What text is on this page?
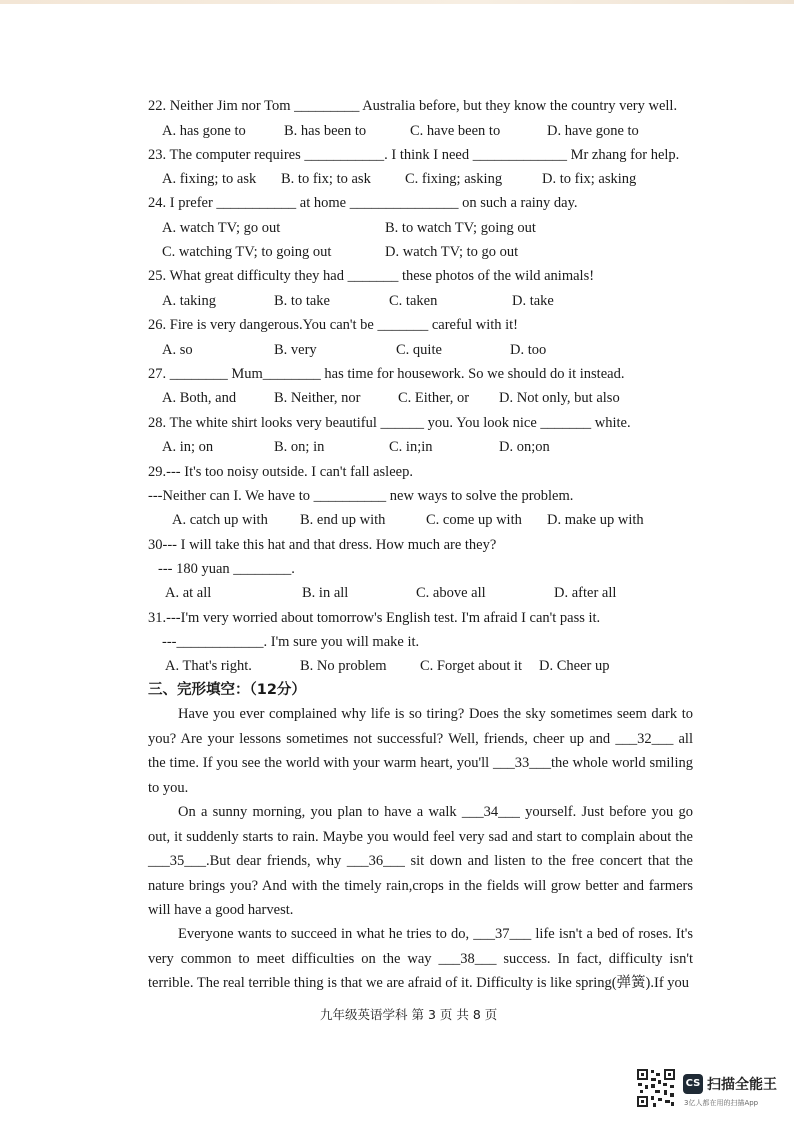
22. Neither Jim nor Tom _________ Australia before, but they know the country very well.
A. has gone to	B. has been to	C. have been to	D. have gone to
23. The computer requires ___________. I think I need _____________ Mr zhang for help.
A. fixing; to ask B. to fix; to ask C. fixing; asking	D. to fix; asking
24. I prefer ___________ at home _______________ on such a rainy day.
A. watch TV; go out	B. to watch TV; going out
C. watching TV; to going out	D. watch TV; to go out
25. What great difficulty they had _______ these photos of the wild animals!
A. taking	B. to take	C. taken	D. take
26. Fire is very dangerous.You can't be _______ careful with it!
A. so	B. very	C. quite	D. too
27. ________ Mum________ has time for housework. So we should do it instead.
A. Both, and	B. Neither, nor	C. Either, or D. Not only, but also
28. The white shirt looks very beautiful ______ you. You look nice _______ white.
A. in; on	B. on; in	C. in;in	D. on;on
29.--- It's too noisy outside. I can't fall asleep.
---Neither can I. We have to __________ new ways to solve the problem.
A. catch up with B. end up with	C. come up with D. make up with
30--- I will take this hat and that dress. How much are they?
--- 180 yuan ________.
A. at all	B. in all	C. above all	D. after all
31.---I'm very worried about tomorrow's English test. I'm afraid I can't pass it.
---____________. I'm sure you will make it.
A. That's right.	B. No problem C. Forget about it D. Cheer up
三、完形填空：（12分）
Have you ever complained why life is so tiring? Does the sky sometimes seem dark to you? Are your lessons sometimes not successful? Well, friends, cheer up and ___32___ all the time. If you see the world with your warm heart, you'll ___33___the whole world smiling to you.
On a sunny morning, you plan to have a walk ___34___ yourself. Just before you go out, it suddenly starts to rain. Maybe you would feel very sad and start to complain about the ___35___.But dear friends, why ___36___ sit down and listen to the free concert that the nature brings you? And with the timely rain,crops in the fields will grow better and farmers will have a good harvest.
Everyone wants to succeed in what he tries to do, ___37___ life isn't a bed of roses. It's very common to meet difficulties on the way ___38___ success. In fact, difficulty isn't terrible. The real terrible thing is that we are afraid of it. Difficulty is like spring(弹簧).If you
九年级英语学科 第 3 页 共 8 页
CS 扫描全能王
3亿人都在用的扫描App
